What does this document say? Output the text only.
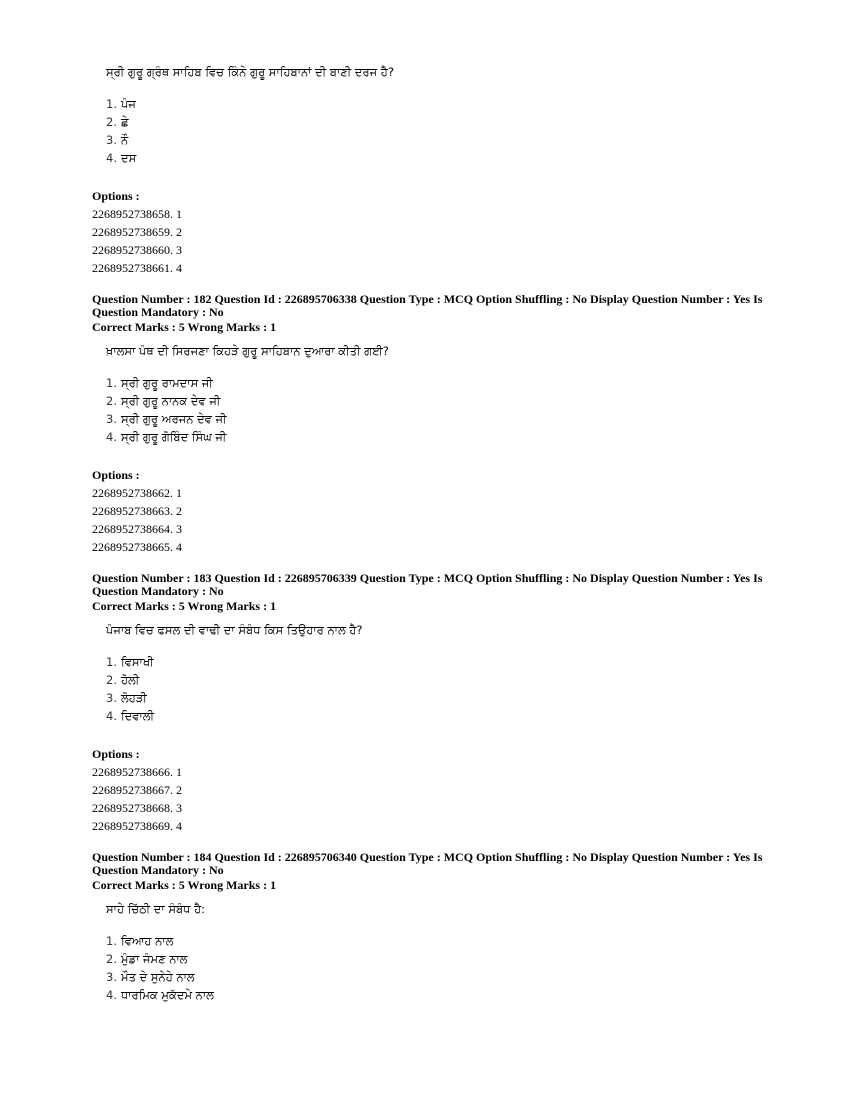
ਸ੍ਰੀ ਗੁਰੂ ਗ੍ਰੰਥ ਸਾਹਿਬ ਵਿਚ ਕਿੰਨੇ ਗੁਰੂ ਸਾਹਿਬਾਨਾਂ ਦੀ ਬਾਣੀ ਦਰਜ ਹੈ?

1. ਪੰਜ
2. ਛੇ
3. ਨੌ
4. ਦਸ
Options :
2268952738658. 1
2268952738659. 2
2268952738660. 3
2268952738661. 4
Question Number : 182 Question Id : 226895706338 Question Type : MCQ Option Shuffling : No Display Question Number : Yes Is Question Mandatory : No
Correct Marks : 5 Wrong Marks : 1

ਖ਼ਾਲਸਾ ਪੰਥ ਦੀ ਸਿਰਜਣਾ ਕਿਹੜੇ ਗੁਰੂ ਸਾਹਿਬਾਨ ਦੁਆਰਾ ਕੀਤੀ ਗਈ?

1. ਸ੍ਰੀ ਗੁਰੂ ਰਾਮਦਾਸ ਜੀ
2. ਸ੍ਰੀ ਗੁਰੂ ਨਾਨਕ ਦੇਵ ਜੀ
3. ਸ੍ਰੀ ਗੁਰੂ ਅਰਜਨ ਦੇਵ ਜੀ
4. ਸ੍ਰੀ ਗੁਰੂ ਗੋਬਿੰਦ ਸਿੰਘ ਜੀ
Options :
2268952738662. 1
2268952738663. 2
2268952738664. 3
2268952738665. 4
Question Number : 183 Question Id : 226895706339 Question Type : MCQ Option Shuffling : No Display Question Number : Yes Is Question Mandatory : No
Correct Marks : 5 Wrong Marks : 1

ਪੰਜਾਬ ਵਿਚ ਫਸਲ ਦੀ ਵਾਢੀ ਦਾ ਸੰਬੰਧ ਕਿਸ ਤਿਉਹਾਰ ਨਾਲ ਹੈ?

1. ਵਿਸਾਖੀ
2. ਹੋਲੀ
3. ਲੋਹੜੀ
4. ਦਿਵਾਲੀ
Options :
2268952738666. 1
2268952738667. 2
2268952738668. 3
2268952738669. 4
Question Number : 184 Question Id : 226895706340 Question Type : MCQ Option Shuffling : No Display Question Number : Yes Is Question Mandatory : No
Correct Marks : 5 Wrong Marks : 1

ਸਾਹੇ ਚਿੱਠੀ ਦਾ ਸੰਬੰਧ ਹੈ:

1. ਵਿਆਹ ਨਾਲ
2. ਮੁੰਡਾ ਜੰਮਣ ਨਾਲ
3. ਮੌਤ ਦੇ ਸੁਨੇਹੇ ਨਾਲ
4. ਧਾਰਮਿਕ ਮੁਕੱਦਮੇ ਨਾਲ
